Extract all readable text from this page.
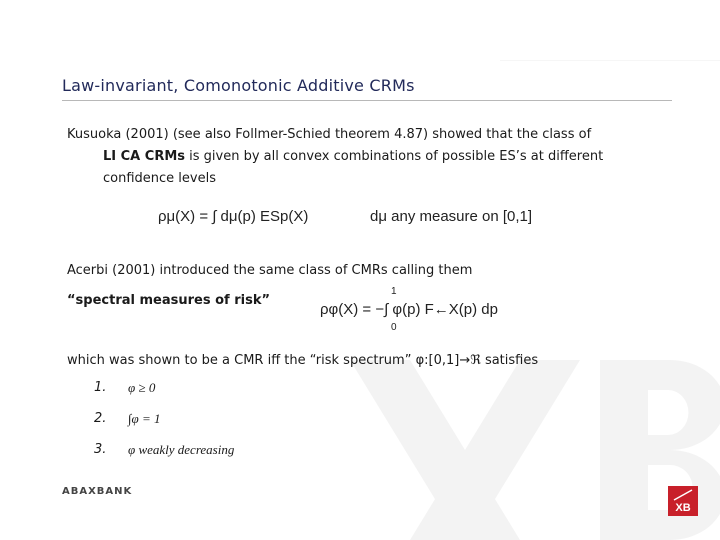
Law-invariant, Comonotonic Additive CRMs
Kusuoka (2001) (see also Follmer-Schied theorem 4.87) showed that the class of
LI CA CRMs is given by all convex combinations of possible ES’s at different
confidence levels
ρμ(X) = ∫ dμ(p) ESp(X)	dμ any measure on [0,1]
Acerbi (2001) introduced the same class of CMRs calling them
“spectral measures of risk”
1
ρφ(X) = −∫ φ(p) F←X(p) dp
0
which was shown to be a CMR iff the “risk spectrum” φ:[0,1]→ℜ satisfies
1. φ ≥ 0
2. ∫φ = 1
3. φ weakly decreasing
ABAXBANK
XB
